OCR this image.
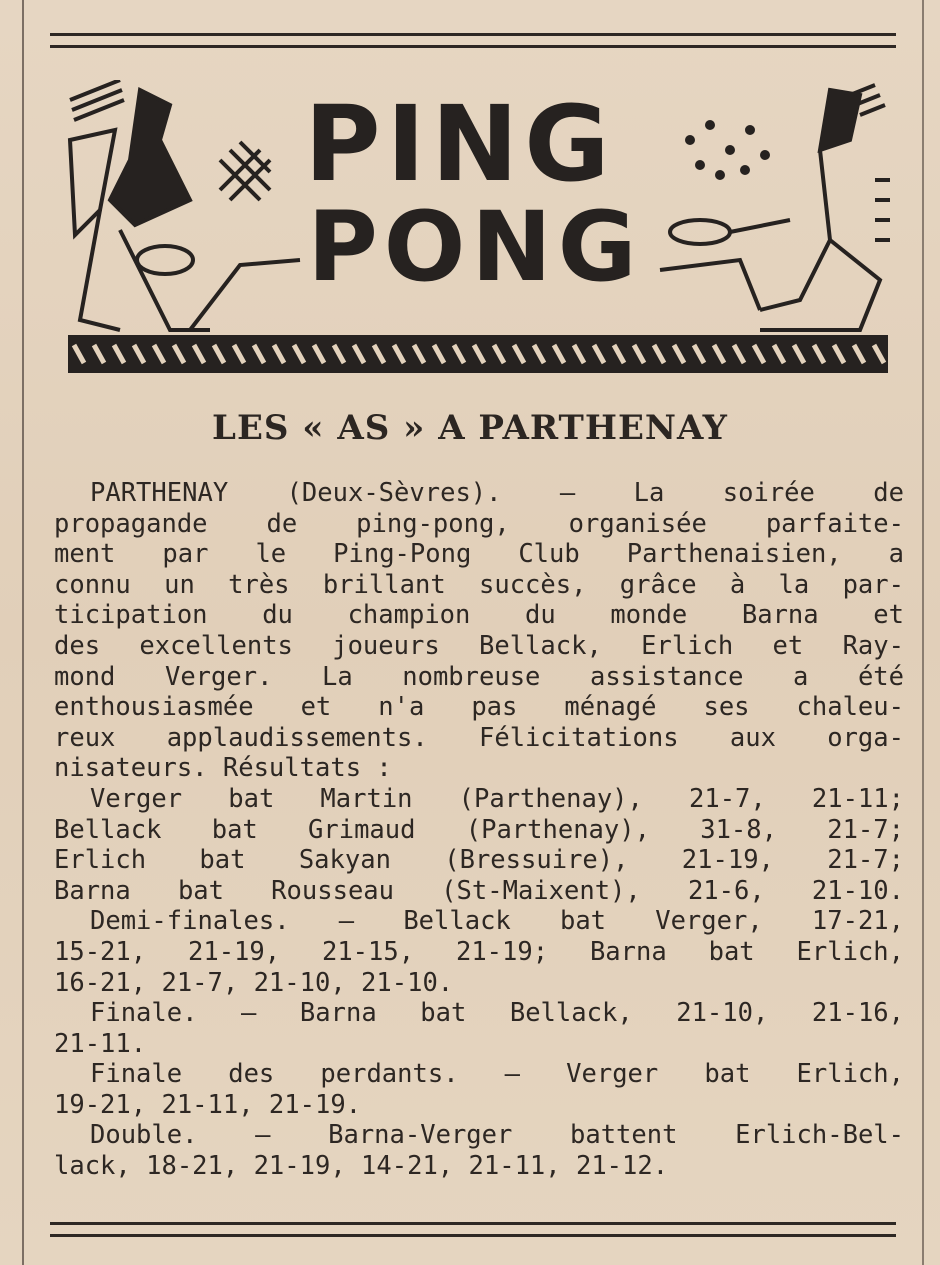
PING
PONG
LES « AS » A PARTHENAY
PARTHENAY (Deux-Sèvres). — La soirée de
propagande de ping-pong, organisée parfaite-
ment par le Ping-Pong Club Parthenaisien, a
connu un très brillant succès, grâce à la par-
ticipation du champion du monde Barna et
des excellents joueurs Bellack, Erlich et Ray-
mond Verger. La nombreuse assistance a été
enthousiasmée et n'a pas ménagé ses chaleu-
reux applaudissements. Félicitations aux orga-
nisateurs. Résultats :
Verger bat Martin (Parthenay), 21-7, 21-11;
Bellack bat Grimaud (Parthenay), 31-8, 21-7;
Erlich bat Sakyan (Bressuire), 21-19, 21-7;
Barna bat Rousseau (St-Maixent), 21-6, 21-10.
Demi-finales. — Bellack bat Verger, 17-21,
15-21, 21-19, 21-15, 21-19; Barna bat Erlich,
16-21, 21-7, 21-10, 21-10.
Finale. — Barna bat Bellack, 21-10, 21-16,
21-11.
Finale des perdants. — Verger bat Erlich,
19-21, 21-11, 21-19.
Double. — Barna-Verger battent Erlich-Bel-
lack, 18-21, 21-19, 14-21, 21-11, 21-12.
